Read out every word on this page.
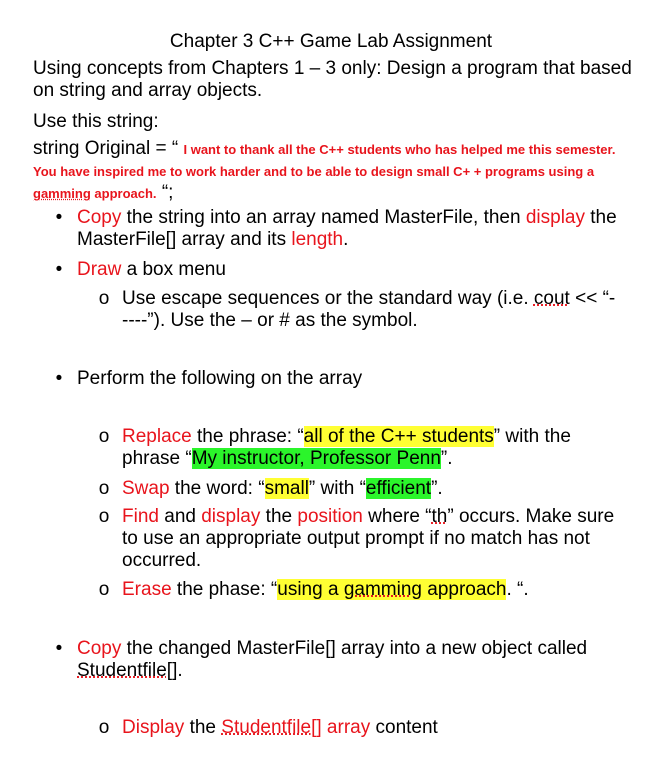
Chapter 3 C++ Game Lab Assignment
Using concepts from Chapters 1 – 3 only: Design a program that based on string and array objects.
Use this string:
string Original = “ I want to thank all the C++ students who has helped me this semester. You have inspired me to work harder and to be able to design small C+ + programs using a gamming approach. “;
• Copy the string into an array named MasterFile, then display the MasterFile[] array and its length.
• Draw a box menu
o Use escape sequences or the standard way (i.e. cout << “-----”). Use the – or # as the symbol.
• Perform the following on the array
o Replace the phrase: “all of the C++ students” with the phrase “My instructor, Professor Penn”.
o Swap the word: “small” with “efficient”.
o Find and display the position where “th” occurs. Make sure to use an appropriate output prompt if no match has not occurred.
o Erase the phase: “using a gamming approach. “.
• Copy the changed MasterFile[] array into a new object called Studentfile[].
o Display the Studentfile[] array content
